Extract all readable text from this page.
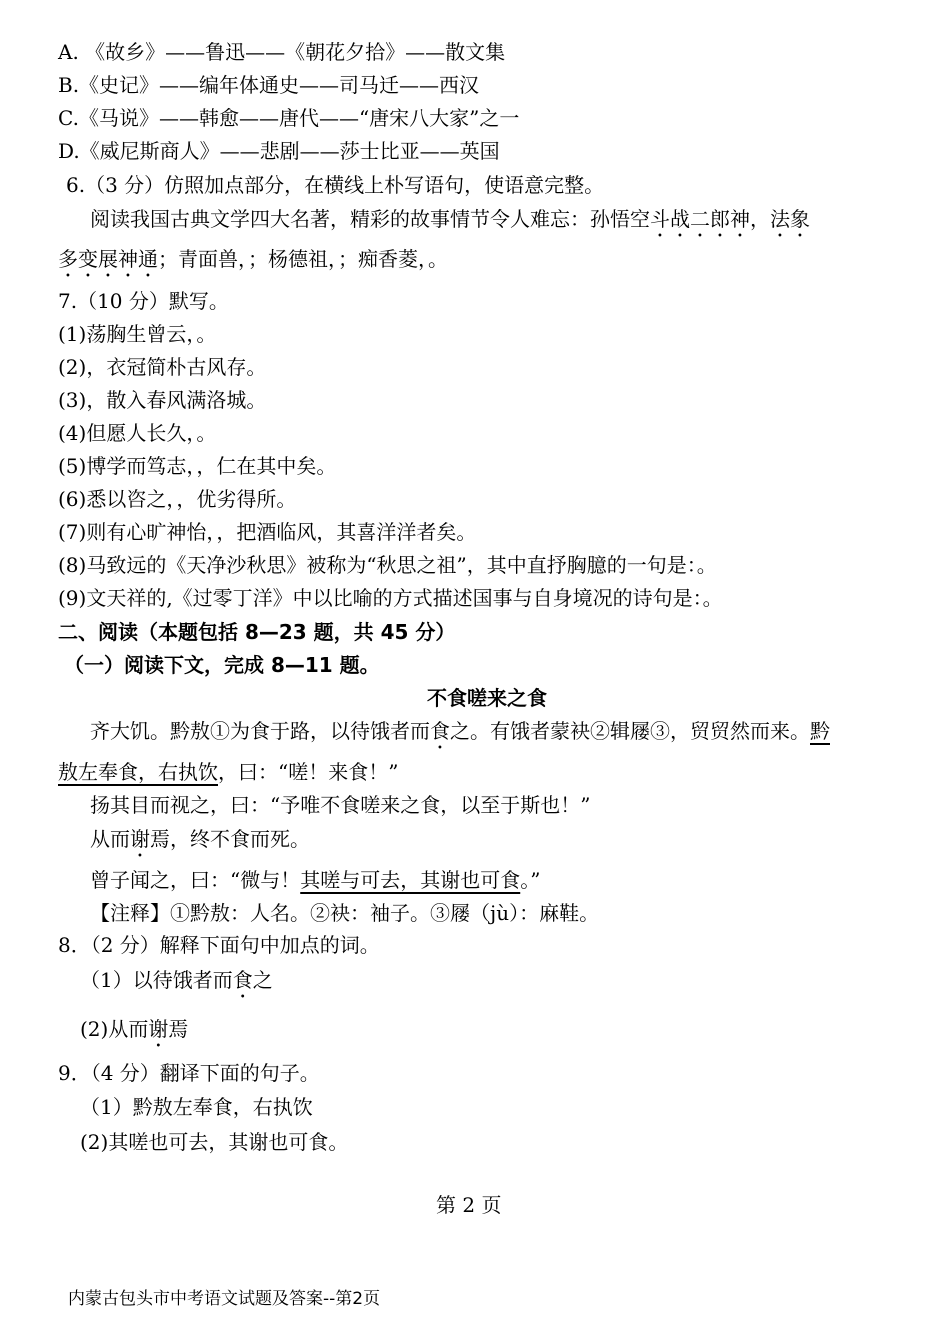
A. 《故乡》——鲁迅——《朝花夕拾》——散文集
B.《史记》——编年体通史——司马迁——西汉
C.《马说》——韩愈——唐代——“唐宋八大家”之一
D.《威尼斯商人》——悲剧——莎士比亚——英国
6.（3 分）仿照加点部分，在横线上朴写语句，使语意完整。
阅读我国古典文学四大名著，精彩的故事情节令人难忘：孙悟空斗战二郎神，法象
多变展神通；青面兽，；杨德祖，；痴香菱，。
7.（10 分）默写。
(1)荡胸生曾云，。
(2)，衣冠简朴古风存。
(3)，散入春风满洛城。
(4)但愿人长久，。
(5)博学而笃志，，仁在其中矣。
(6)悉以咨之，，优劣得所。
(7)则有心旷神怡，，把酒临风，其喜洋洋者矣。
(8)马致远的《天净沙秋思》被称为“秋思之祖”，其中直抒胸臆的一句是：。
(9)文天祥的,《过零丁洋》中以比喻的方式描述国事与自身境况的诗句是：。
二、阅读（本题包括 8—23 题，共 45 分）
（一）阅读下文，完成 8—11 题。
不食嗟来之食
齐大饥。黔敖①为食于路，以待饿者而食之。有饿者蒙袂②辑屦③，贸贸然而来。黔
敖左奉食，右执饮，曰：“嗟！来食！”
扬其目而视之，曰：“予唯不食嗟来之食，以至于斯也！”
从而谢焉，终不食而死。
曾子闻之，曰：“微与！其嗟与可去，其谢也可食。”
【注释】①黔敖：人名。②袂：袖子。③屦（jù）：麻鞋。
8．（2 分）解释下面句中加点的词。
（1）以待饿者而食之
(2)从而谢焉
9．（4 分）翻译下面的句子。
（1）黔敖左奉食，右执饮
(2)其嗟也可去，其谢也可食。
第 2 页
内蒙古包头市中考语文试题及答案--第2页
